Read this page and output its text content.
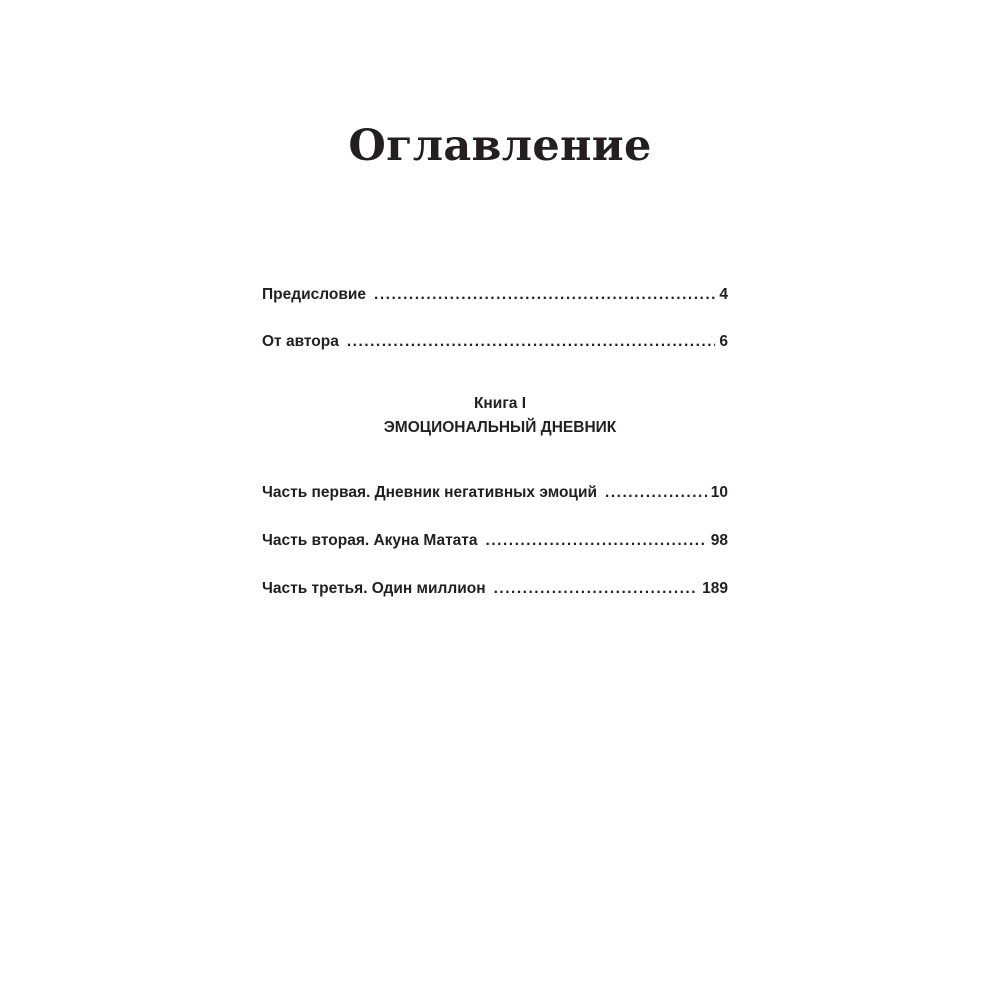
Оглавление
Предисловие . . .	4
От автора . . .	6

Книга I

ЭМОЦИОНАЛЬНЫЙ ДНЕВНИК

Часть первая. Дневник негативных эмоций . . .	10
Часть вторая. Акуна Матата . . .	98
Часть третья. Один миллион . . .	189
